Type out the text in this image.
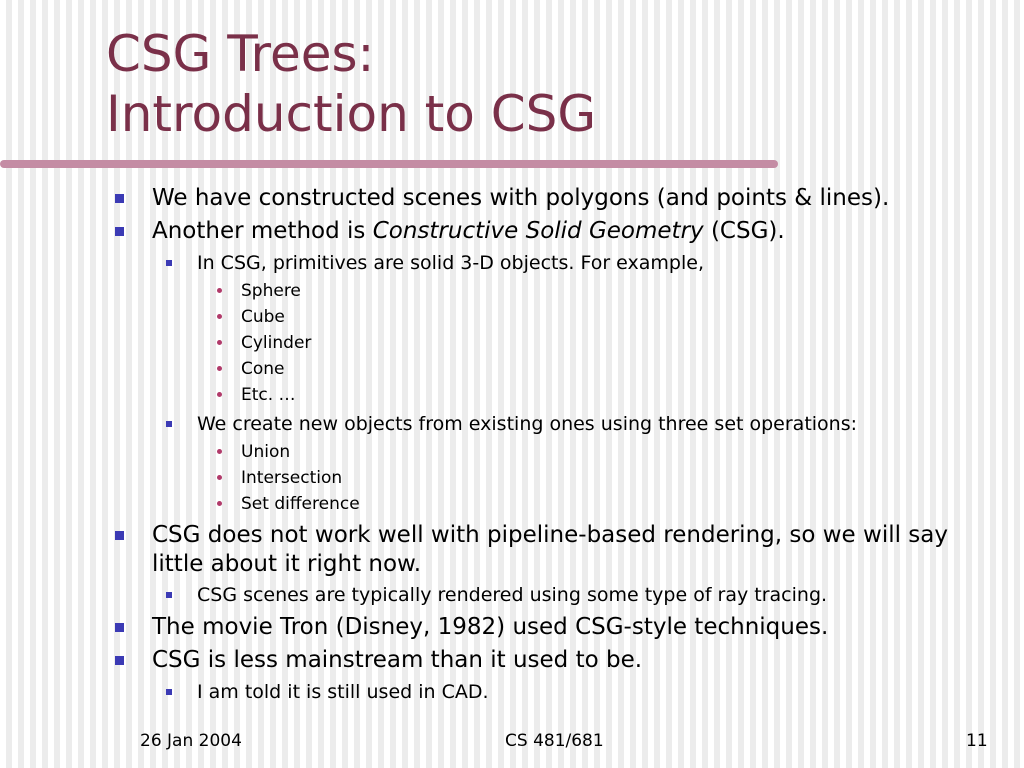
CSG Trees:
Introduction to CSG
We have constructed scenes with polygons (and points & lines).
Another method is Constructive Solid Geometry (CSG).
In CSG, primitives are solid 3-D objects. For example,
Sphere
Cube
Cylinder
Cone
Etc. …
We create new objects from existing ones using three set operations:
Union
Intersection
Set difference
CSG does not work well with pipeline-based rendering, so we will say little about it right now.
CSG scenes are typically rendered using some type of ray tracing.
The movie Tron (Disney, 1982) used CSG-style techniques.
CSG is less mainstream than it used to be.
I am told it is still used in CAD.
26 Jan 2004	CS 481/681	11
